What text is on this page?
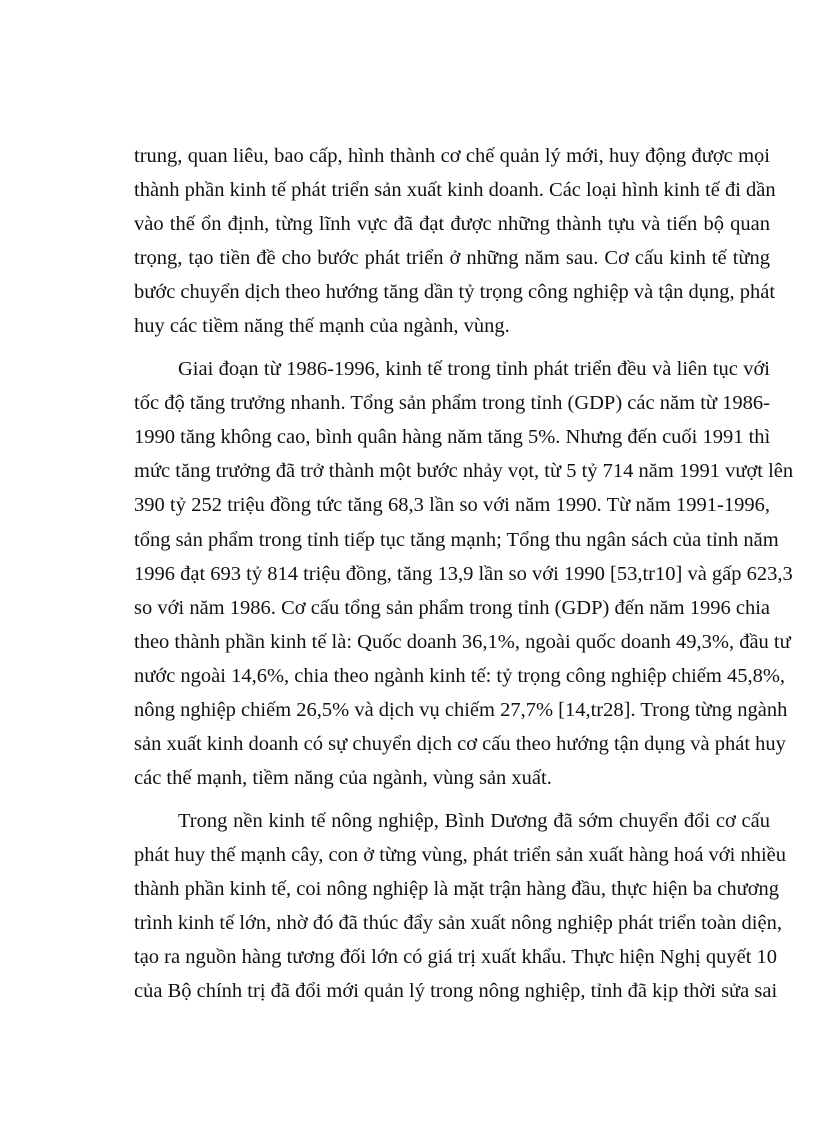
trung, quan liêu, bao cấp, hình thành cơ chế quản lý mới, huy động được mọi
thành phần kinh tế phát triển sản xuất kinh doanh. Các loại hình kinh tế đi dần
vào thế ổn định, từng lĩnh vực đã đạt được những thành tựu và tiến bộ quan
trọng, tạo tiền đề cho bước phát triển ở những năm sau. Cơ cấu kinh tế từng
bước chuyển dịch theo hướng tăng dần tỷ trọng công nghiệp và tận dụng, phát
huy các tiềm năng thế mạnh của ngành, vùng.
Giai đoạn từ 1986-1996, kinh tế trong tỉnh phát triển đều và liên tục với
tốc độ tăng trưởng nhanh. Tổng sản phẩm trong tỉnh (GDP) các năm từ 1986-
1990 tăng không cao, bình quân hàng năm tăng 5%. Nhưng đến cuối 1991 thì
mức tăng trưởng đã trở thành một bước nhảy vọt, từ 5 tỷ 714 năm 1991 vượt lên
390 tỷ 252 triệu đồng tức tăng 68,3 lần so với năm 1990. Từ năm 1991-1996,
tổng sản phẩm trong tỉnh tiếp tục tăng mạnh; Tổng thu ngân sách của tỉnh năm
1996 đạt 693 tỷ 814 triệu đồng, tăng 13,9 lần so với 1990 [53,tr10] và gấp 623,3
so với năm 1986. Cơ cấu tổng sản phẩm trong tỉnh (GDP) đến năm 1996 chia
theo thành phần kinh tế là: Quốc doanh 36,1%, ngoài quốc doanh 49,3%, đầu tư
nước ngoài 14,6%, chia theo ngành kinh tế: tỷ trọng công nghiệp chiếm 45,8%,
nông nghiệp chiếm 26,5% và dịch vụ chiếm 27,7% [14,tr28]. Trong từng ngành
sản xuất kinh doanh có sự chuyển dịch cơ cấu theo hướng tận dụng và phát huy
các thế mạnh, tiềm năng của ngành, vùng sản xuất.
Trong nền kinh tế nông nghiệp, Bình Dương đã sớm chuyển đổi cơ cấu
phát huy thế mạnh cây, con ở từng vùng, phát triển sản xuất hàng hoá với nhiều
thành phần kinh tế, coi nông nghiệp là mặt trận hàng đầu, thực hiện ba chương
trình kinh tế lớn, nhờ đó đã thúc đẩy sản xuất nông nghiệp phát triển toàn diện,
tạo ra nguồn hàng tương đối lớn có giá trị xuất khẩu. Thực hiện Nghị quyết 10
của Bộ chính trị đã đổi mới quản lý trong nông nghiệp, tỉnh đã kịp thời sửa sai
